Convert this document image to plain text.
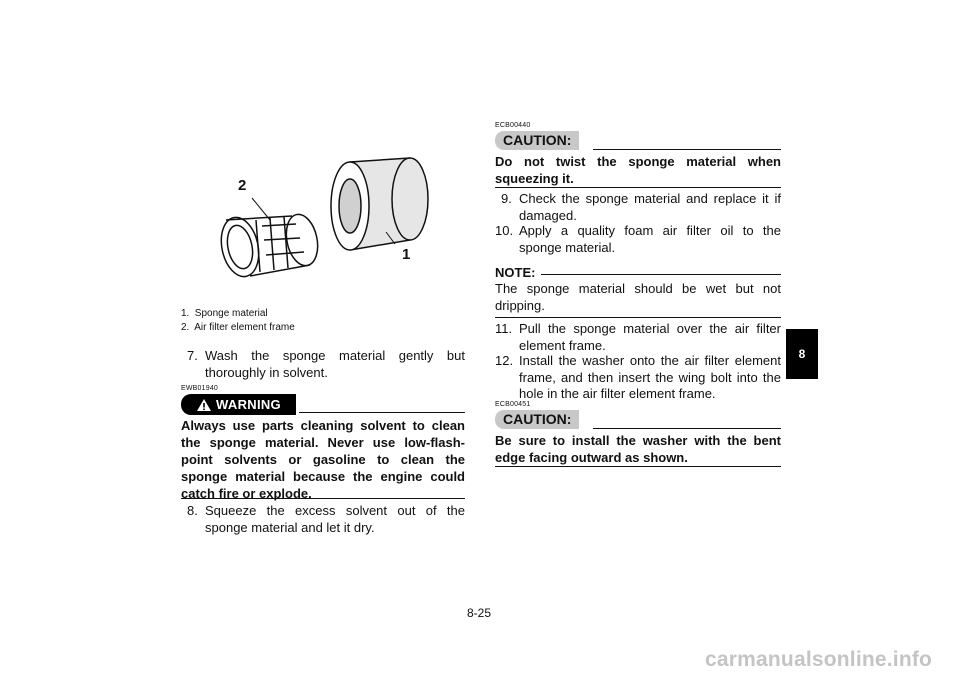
2
1
1. Sponge material
2. Air filter element frame
7. Wash the sponge material gently but thoroughly in solvent.
EWB01940
WARNING
Always use parts cleaning solvent to clean the sponge material. Never use low-flash-point solvents or gasoline to clean the sponge material because the engine could catch fire or explode.
8. Squeeze the excess solvent out of the sponge material and let it dry.
ECB00440
CAUTION:
Do not twist the sponge material when squeezing it.
9. Check the sponge material and replace it if damaged.
10. Apply a quality foam air filter oil to the sponge material.
NOTE:
The sponge material should be wet but not dripping.
11. Pull the sponge material over the air filter element frame.
12. Install the washer onto the air filter element frame, and then insert the wing bolt into the hole in the air filter element frame.
ECB00451
CAUTION:
Be sure to install the washer with the bent edge facing outward as shown.
8
8-25
carmanualsonline.info
